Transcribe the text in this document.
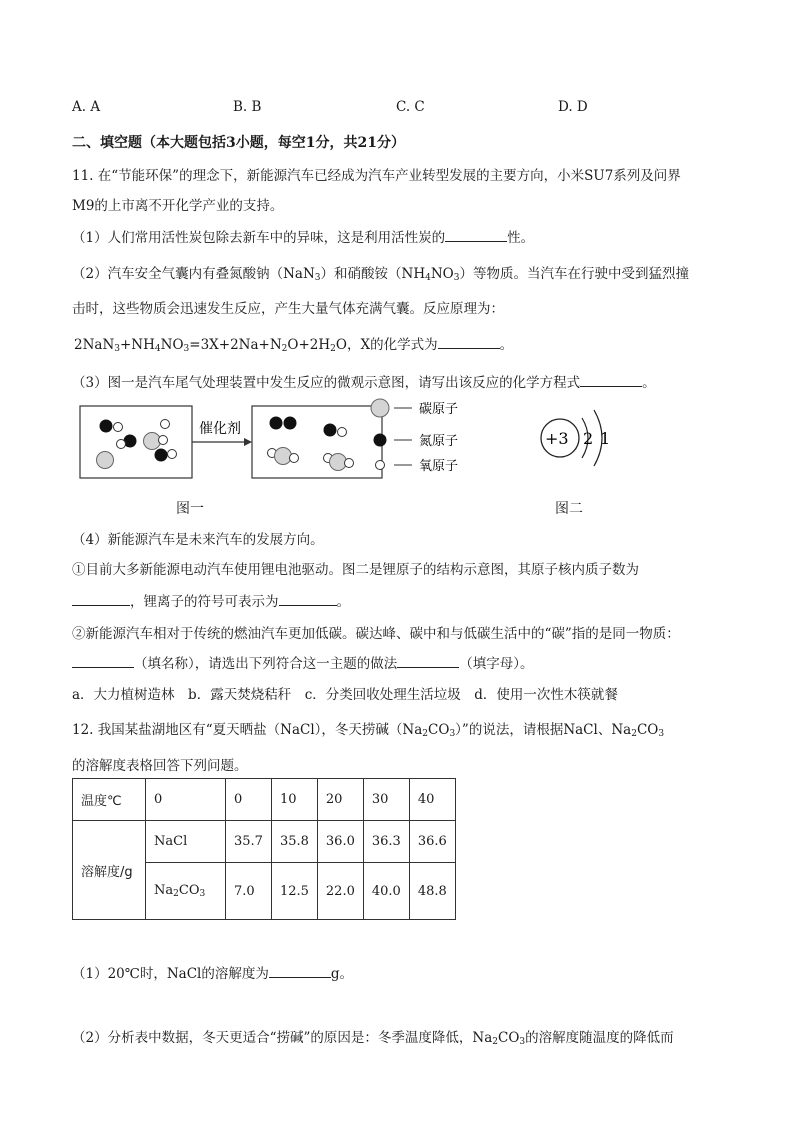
A. A	B. B	C. C	D. D
二、填空题（本大题包括3小题，每空1分，共21分）
11. 在“节能环保”的理念下，新能源汽车已经成为汽车产业转型发展的主要方向，小米SU7系列及问界
M9的上市离不开化学产业的支持。
（1）人们常用活性炭包除去新车中的异味，这是利用活性炭的	性。
（2）汽车安全气囊内有叠氮酸钠（NaN$_3$）和硝酸铵$(NH_4NO_3)$等物质。当汽车在行驶中受到猛烈撞
击时，这些物质会迅速发生反应，产生大量气体充满气囊。反应原理为：
$2NaN_3+NH_4NO_3=3X+2Na+N_2O+2H_2O$，X的化学式为	。
（3）图一是汽车尾气处理装置中发生反应的微观示意图，请写出该反应的化学方程式	。
催化剂
碳原子
氮原子
氧原子
+3 2 1
图一	图二
（4）新能源汽车是未来汽车的发展方向。
①目前大多新能源电动汽车使用锂电池驱动。图二是锂原子的结构示意图，其原子核内质子数为
，锂离子的符号可表示为	。
②新能源汽车相对于传统的燃油汽车更加低碳。碳达峰、碳中和与低碳生活中的“碳”指的是同一物质：
（填名称），请选出下列符合这一主题的做法	（填字母）。
a．大力植树造林　b．露天焚烧秸秆　c．分类回收处理生活垃圾　d．使用一次性木筷就餐
12. 我国某盐湖地区有“夏天晒盐（NaCl），冬天捞碱$(Na_2CO_3)$”的说法，请根据NaCl、$Na_2CO_3$
的溶解度表格回答下列问题。
温度℃	0	0	10	20	30	40
溶解度/g	NaCl	35.7	35.8	36.0	36.3	36.6
	$Na_2CO_3$	7.0	12.5	22.0	40.0	48.8
（1）20℃时，NaCl的溶解度为	g。
（2）分析表中数据，冬天更适合“捞碱”的原因是：冬季温度降低，$Na_2CO_3$的溶解度随温度的降低而
